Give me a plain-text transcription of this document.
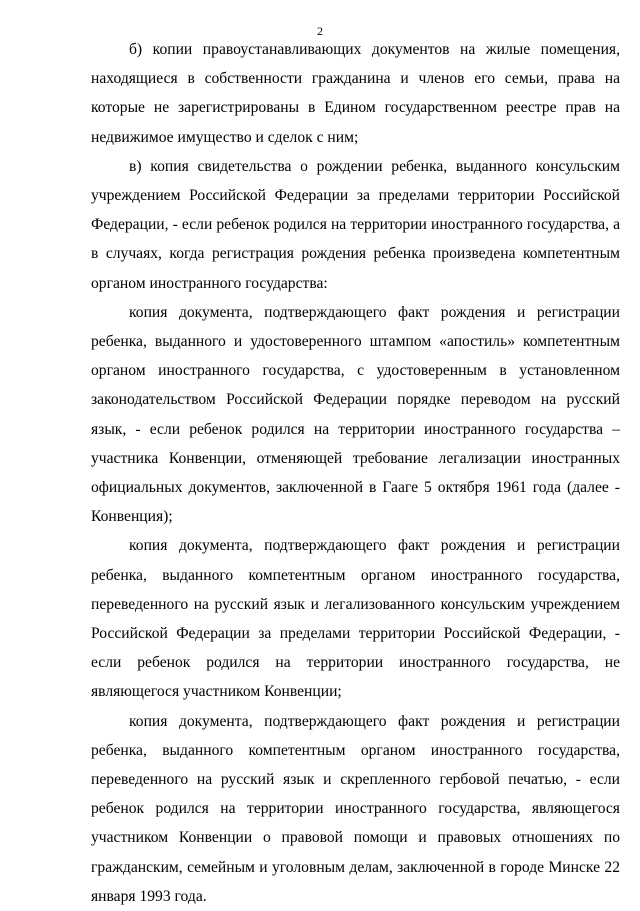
2

б) копии правоустанавливающих документов на жилые помещения, находящиеся в собственности гражданина и членов его семьи, права на которые не зарегистрированы в Едином государственном реестре прав на недвижимое имущество и сделок с ним;

в) копия свидетельства о рождении ребенка, выданного консульским учреждением Российской Федерации за пределами территории Российской Федерации, - если ребенок родился на территории иностранного государства, а в случаях, когда регистрация рождения ребенка произведена компетентным органом иностранного государства:

копия документа, подтверждающего факт рождения и регистрации ребенка, выданного и удостоверенного штампом «апостиль» компетентным органом иностранного государства, с удостоверенным в установленном законодательством Российской Федерации порядке переводом на русский язык, - если ребенок родился на территории иностранного государства – участника Конвенции, отменяющей требование легализации иностранных официальных документов, заключенной в Гааге 5 октября 1961 года (далее - Конвенция);

копия документа, подтверждающего факт рождения и регистрации ребенка, выданного компетентным органом иностранного государства, переведенного на русский язык и легализованного консульским учреждением Российской Федерации за пределами территории Российской Федерации, - если ребенок родился на территории иностранного государства, не являющегося участником Конвенции;

копия документа, подтверждающего факт рождения и регистрации ребенка, выданного компетентным органом иностранного государства, переведенного на русский язык и скрепленного гербовой печатью, - если ребенок родился на территории иностранного государства, являющегося участником Конвенции о правовой помощи и правовых отношениях по гражданским, семейным и уголовным делам, заключенной в городе Минске 22 января 1993 года.
